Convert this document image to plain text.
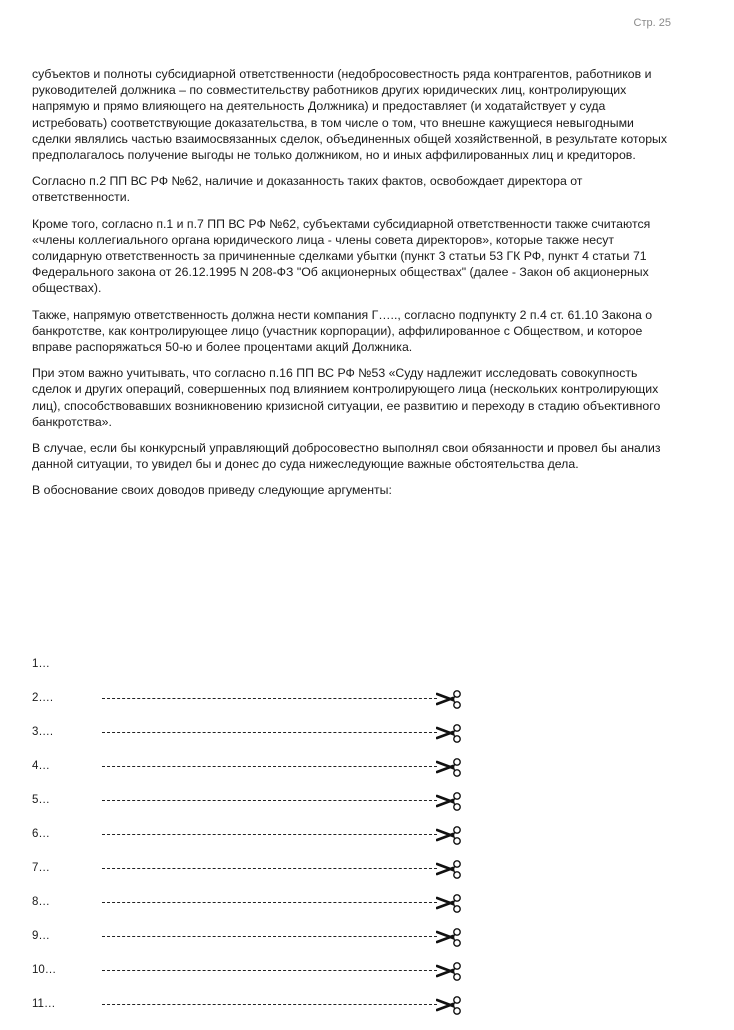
Стр. 25

субъектов и полноты субсидиарной ответственности (недобросовестность ряда контрагентов, работников и руководителей должника – по совместительству работников других юридических лиц, контролирующих напрямую и прямо влияющего на деятельность Должника) и предоставляет (и ходатайствует у суда истребовать) соответствующие доказательства, в том числе о том, что внешне кажущиеся невыгодными сделки являлись частью взаимосвязанных сделок, объединенных общей хозяйственной, в результате которых предполагалось получение выгоды не только должником, но и иных аффилированных лиц и кредиторов.

Согласно п.2 ПП ВС РФ №62, наличие и доказанность таких фактов, освобождает директора от ответственности.

Кроме того, согласно п.1 и п.7 ПП ВС РФ №62, субъектами субсидиарной ответственности также считаются «члены коллегиального органа юридического лица - члены совета директоров», которые также несут солидарную ответственность за причиненные сделками убытки (пункт 3 статьи 53 ГК РФ, пункт 4 статьи 71 Федерального закона от 26.12.1995 N 208-ФЗ "Об акционерных обществах" (далее - Закон об акционерных обществах).

Также, напрямую ответственность должна нести компания Г….., согласно подпункту 2 п.4 ст. 61.10 Закона о банкротстве, как контролирующее лицо (участник корпорации), аффилированное с Обществом, и которое вправе распоряжаться 50-ю и более процентами акций Должника.

При этом важно учитывать, что согласно п.16 ПП ВС РФ №53 «Суду надлежит исследовать совокупность сделок и других операций, совершенных под влиянием контролирующего лица (нескольких контролирующих лиц), способствовавших возникновению кризисной ситуации, ее развитию и переходу в стадию объективного банкротства».

В случае, если бы конкурсный управляющий добросовестно выполнял свои обязанности и провел бы анализ данной ситуации, то увидел бы и донес до суда нижеследующие важные обстоятельства дела.

В обоснование своих доводов приведу следующие аргументы:

1…
2….
3….
4…
5…
6…
7…
8…
9…
10…
11…
